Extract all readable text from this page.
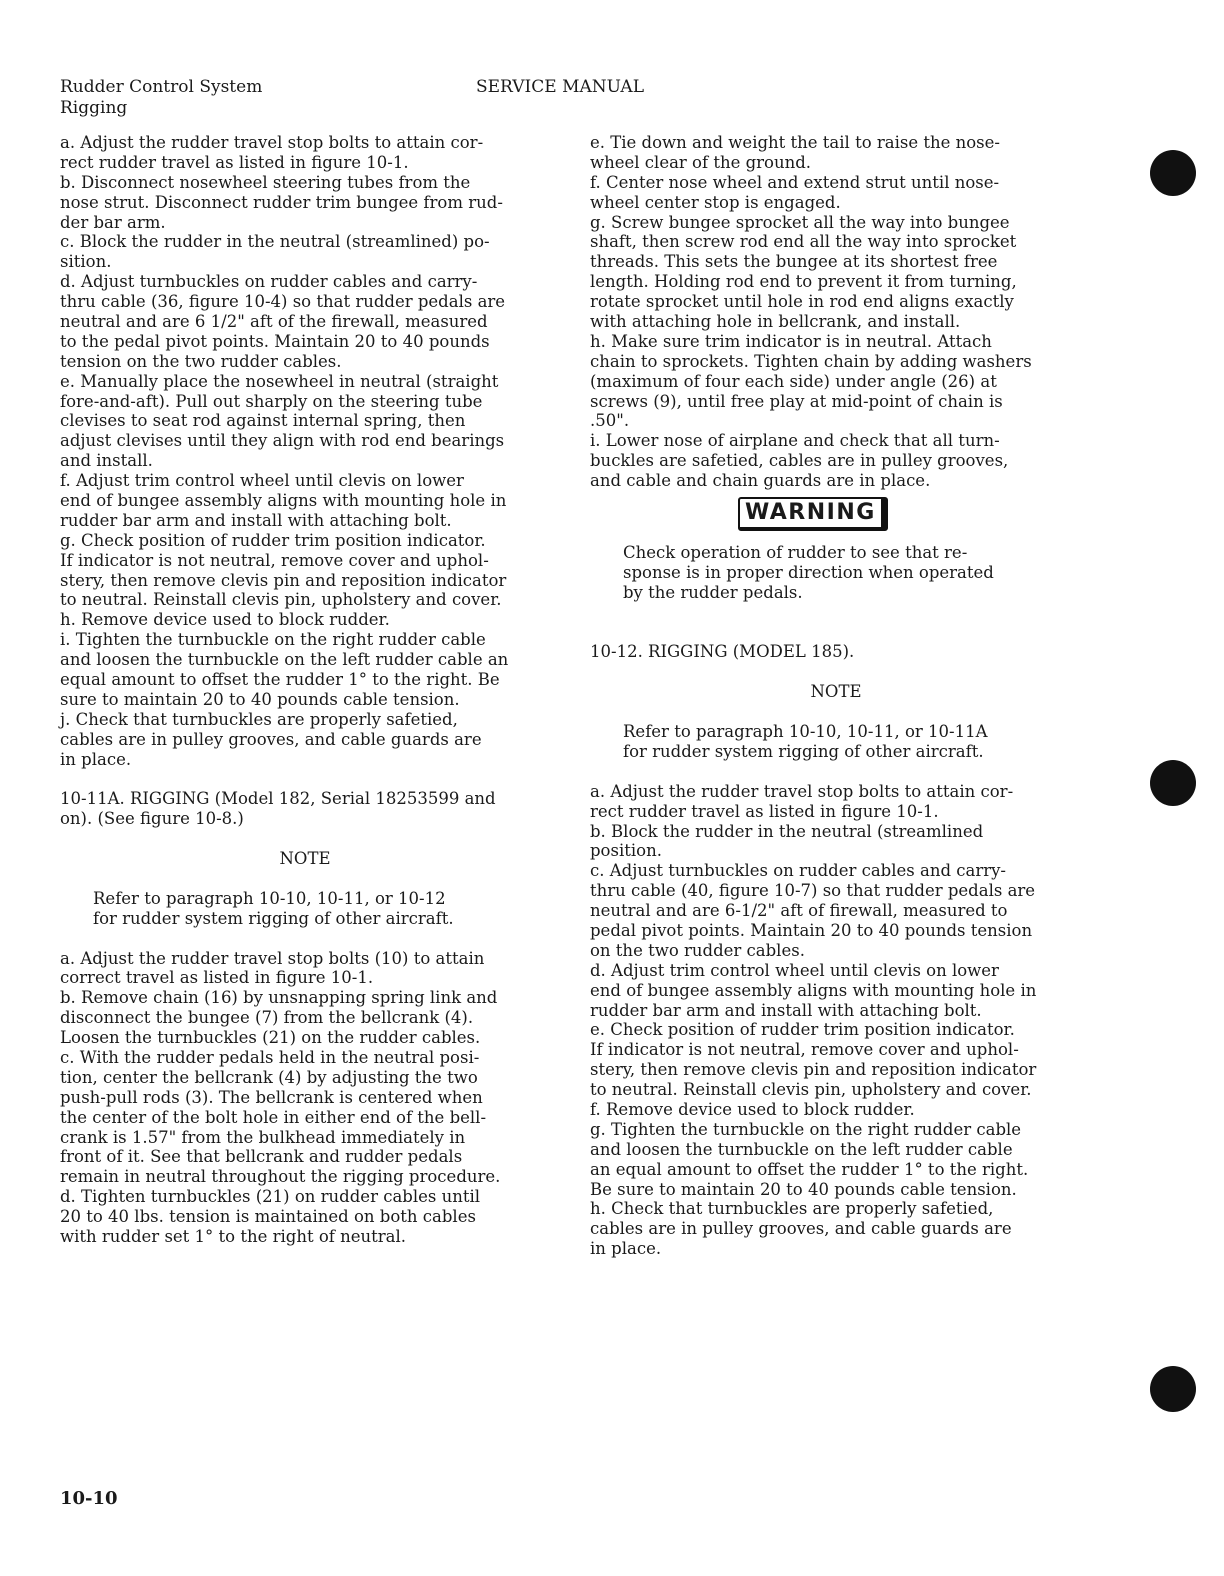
Rudder Control System
Rigging
SERVICE MANUAL
a. Adjust the rudder travel stop bolts to attain cor-
rect rudder travel as listed in figure 10-1.
b. Disconnect nosewheel steering tubes from the
nose strut. Disconnect rudder trim bungee from rud-
der bar arm.
c. Block the rudder in the neutral (streamlined) po-
sition.
d. Adjust turnbuckles on rudder cables and carry-
thru cable (36, figure 10-4) so that rudder pedals are
neutral and are 6 1/2" aft of the firewall, measured
to the pedal pivot points. Maintain 20 to 40 pounds
tension on the two rudder cables.
e. Manually place the nosewheel in neutral (straight
fore-and-aft). Pull out sharply on the steering tube
clevises to seat rod against internal spring, then
adjust clevises until they align with rod end bearings
and install.
f. Adjust trim control wheel until clevis on lower
end of bungee assembly aligns with mounting hole in
rudder bar arm and install with attaching bolt.
g. Check position of rudder trim position indicator.
If indicator is not neutral, remove cover and uphol-
stery, then remove clevis pin and reposition indicator
to neutral. Reinstall clevis pin, upholstery and cover.
h. Remove device used to block rudder.
i. Tighten the turnbuckle on the right rudder cable
and loosen the turnbuckle on the left rudder cable an
equal amount to offset the rudder 1° to the right. Be
sure to maintain 20 to 40 pounds cable tension.
j. Check that turnbuckles are properly safetied,
cables are in pulley grooves, and cable guards are
in place.
10-11A. RIGGING (Model 182, Serial 18253599 and
on). (See figure 10-8.)
NOTE
Refer to paragraph 10-10, 10-11, or 10-12
for rudder system rigging of other aircraft.
a. Adjust the rudder travel stop bolts (10) to attain
correct travel as listed in figure 10-1.
b. Remove chain (16) by unsnapping spring link and
disconnect the bungee (7) from the bellcrank (4).
Loosen the turnbuckles (21) on the rudder cables.
c. With the rudder pedals held in the neutral posi-
tion, center the bellcrank (4) by adjusting the two
push-pull rods (3). The bellcrank is centered when
the center of the bolt hole in either end of the bell-
crank is 1.57" from the bulkhead immediately in
front of it. See that bellcrank and rudder pedals
remain in neutral throughout the rigging procedure.
d. Tighten turnbuckles (21) on rudder cables until
20 to 40 lbs. tension is maintained on both cables
with rudder set 1° to the right of neutral.
e. Tie down and weight the tail to raise the nose-
wheel clear of the ground.
f. Center nose wheel and extend strut until nose-
wheel center stop is engaged.
g. Screw bungee sprocket all the way into bungee
shaft, then screw rod end all the way into sprocket
threads. This sets the bungee at its shortest free
length. Holding rod end to prevent it from turning,
rotate sprocket until hole in rod end aligns exactly
with attaching hole in bellcrank, and install.
h. Make sure trim indicator is in neutral. Attach
chain to sprockets. Tighten chain by adding washers
(maximum of four each side) under angle (26) at
screws (9), until free play at mid-point of chain is
.50".
i. Lower nose of airplane and check that all turn-
buckles are safetied, cables are in pulley grooves,
and cable and chain guards are in place.
WARNING
Check operation of rudder to see that re-
sponse is in proper direction when operated
by the rudder pedals.
10-12. RIGGING (MODEL 185).
NOTE
Refer to paragraph 10-10, 10-11, or 10-11A
for rudder system rigging of other aircraft.
a. Adjust the rudder travel stop bolts to attain cor-
rect rudder travel as listed in figure 10-1.
b. Block the rudder in the neutral (streamlined
position.
c. Adjust turnbuckles on rudder cables and carry-
thru cable (40, figure 10-7) so that rudder pedals are
neutral and are 6-1/2" aft of firewall, measured to
pedal pivot points. Maintain 20 to 40 pounds tension
on the two rudder cables.
d. Adjust trim control wheel until clevis on lower
end of bungee assembly aligns with mounting hole in
rudder bar arm and install with attaching bolt.
e. Check position of rudder trim position indicator.
If indicator is not neutral, remove cover and uphol-
stery, then remove clevis pin and reposition indicator
to neutral. Reinstall clevis pin, upholstery and cover.
f. Remove device used to block rudder.
g. Tighten the turnbuckle on the right rudder cable
and loosen the turnbuckle on the left rudder cable
an equal amount to offset the rudder 1° to the right.
Be sure to maintain 20 to 40 pounds cable tension.
h. Check that turnbuckles are properly safetied,
cables are in pulley grooves, and cable guards are
in place.
10-10
